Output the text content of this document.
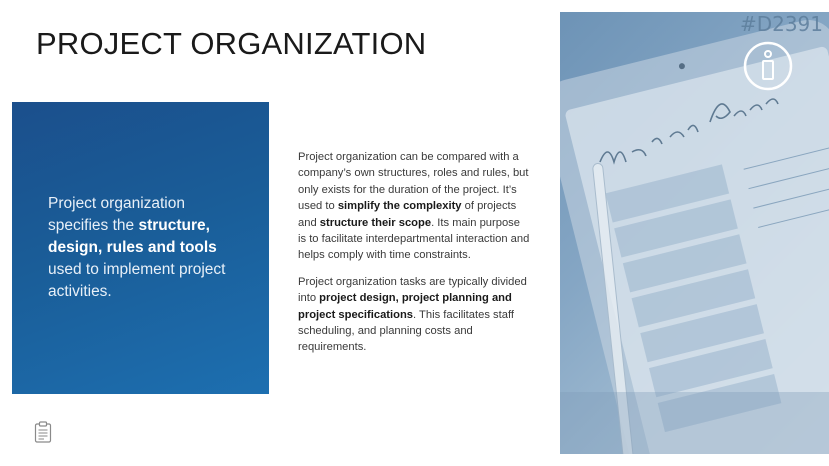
PROJECT ORGANIZATION

Project organization specifies the structure, design, rules and tools used to implement project activities.

Project organization can be compared with a company’s own structures, roles and rules, but only exists for the duration of the project. It’s used to simplify the complexity of projects and structure their scope. Its main purpose is to facilitate interdepartmental interaction and helps comply with time constraints.

Project organization tasks are typically divided into project design, project planning and project specifications. This facilitates staff scheduling, and planning costs and requirements.

#D2391
